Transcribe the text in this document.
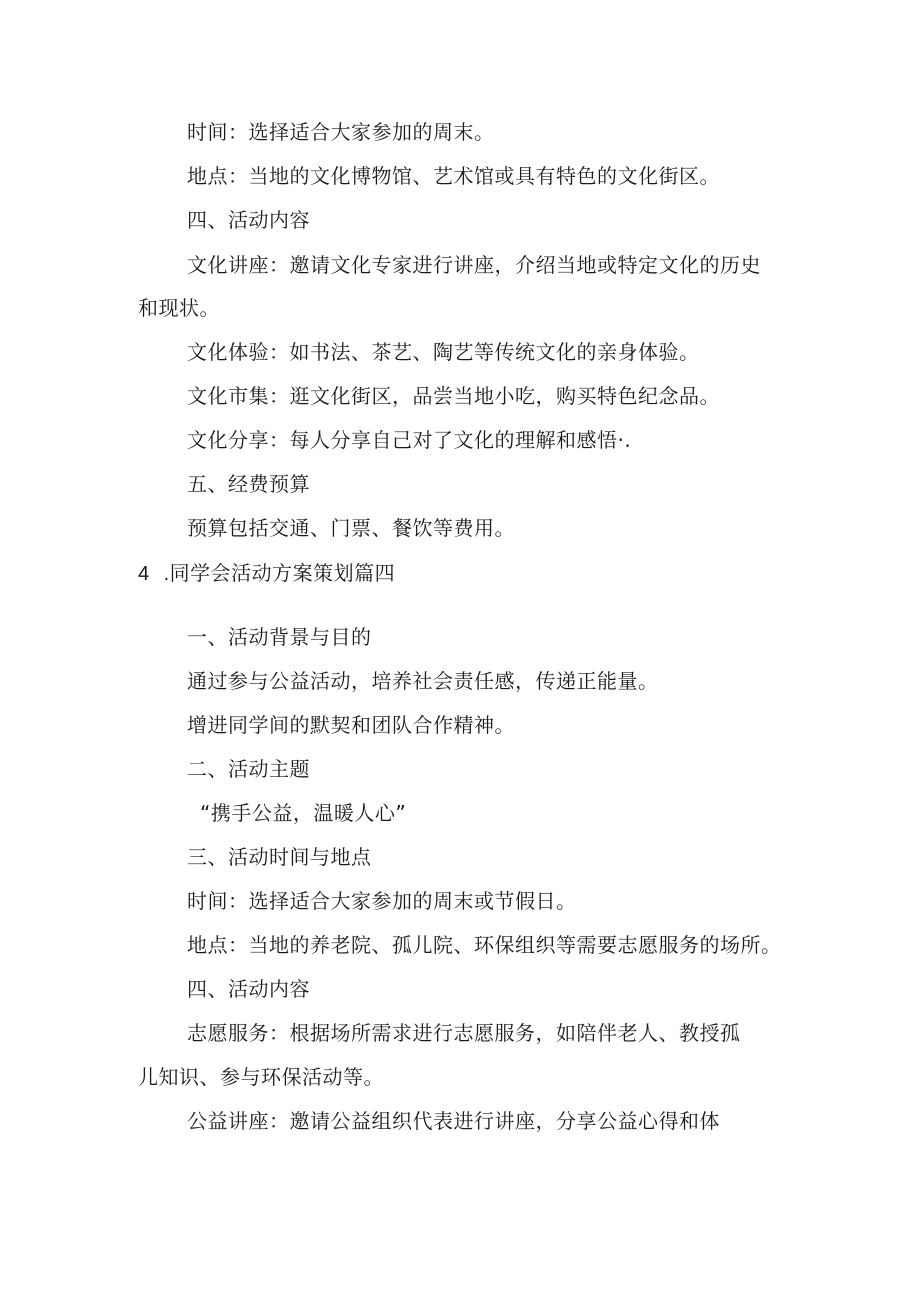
时间：选择适合大家参加的周末。
地点：当地的文化博物馆、艺术馆或具有特色的文化街区。
四、活动内容
文化讲座：邀请文化专家进行讲座，介绍当地或特定文化的历史
和现状。
文化体验：如书法、茶艺、陶艺等传统文化的亲身体验。
文化市集：逛文化街区，品尝当地小吃，购买特色纪念品。
文化分享：每人分享自己对了文化的理解和感悟·.
五、经费预算
预算包括交通、门票、餐饮等费用。
4 .同学会活动方案策划篇四
一、活动背景与目的
通过参与公益活动，培养社会责任感，传递正能量。
增进同学间的默契和团队合作精神。
二、活动主题
“携手公益，温暖人心”
三、活动时间与地点
时间：选择适合大家参加的周末或节假日。
地点：当地的养老院、孤儿院、环保组织等需要志愿服务的场所。
四、活动内容
志愿服务：根据场所需求进行志愿服务，如陪伴老人、教授孤
儿知识、参与环保活动等。
公益讲座：邀请公益组织代表进行讲座，分享公益心得和体
